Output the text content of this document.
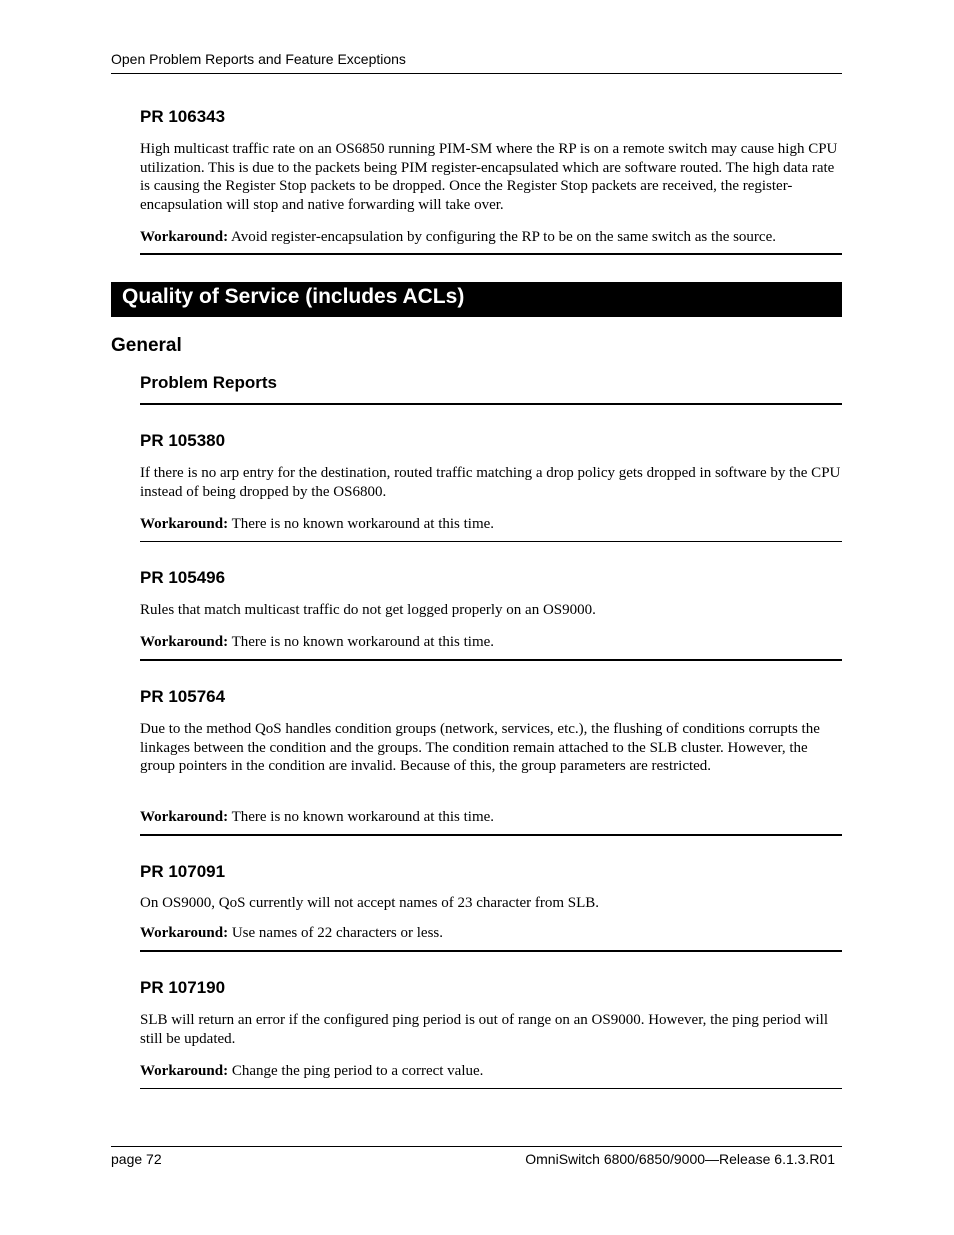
Open Problem Reports and Feature Exceptions
PR 106343

High multicast traffic rate on an OS6850 running PIM-SM where the RP is on a remote switch may cause high CPU utilization. This is due to the packets being PIM register-encapsulated which are software routed. The high data rate is causing the Register Stop packets to be dropped. Once the Register Stop packets are received, the register-encapsulation will stop and native forwarding will take over.

Workaround: Avoid register-encapsulation by configuring the RP to be on the same switch as the source.

Quality of Service (includes ACLs)
General
Problem Reports
PR 105380

If there is no arp entry for the destination, routed traffic matching a drop policy gets dropped in software by the CPU instead of being dropped by the OS6800.

Workaround: There is no known workaround at this time.

PR 105496

Rules that match multicast traffic do not get logged properly on an OS9000.

Workaround: There is no known workaround at this time.

PR 105764

Due to the method QoS handles condition groups (network, services, etc.), the flushing of conditions corrupts the linkages between the condition and the groups. The condition remain attached to the SLB cluster. However, the group pointers in the condition are invalid. Because of this, the group parameters are restricted.

Workaround: There is no known workaround at this time.

PR 107091

On OS9000, QoS currently will not accept names of 23 character from SLB.

Workaround: Use names of 22 characters or less.

PR 107190

SLB will return an error if the configured ping period is out of range on an OS9000. However, the ping period will still be updated.

Workaround: Change the ping period to a correct value.

page 72	OmniSwitch 6800/6850/9000—Release 6.1.3.R01
